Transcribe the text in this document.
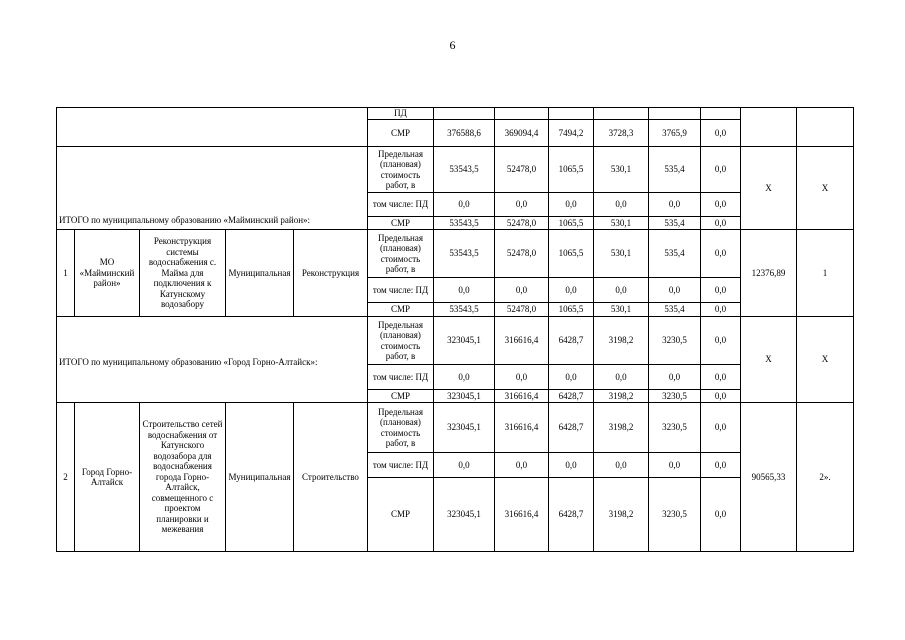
6
					ПД								
					СМР	376588,6	369094,4	7494,2	3728,3	3765,9	0,0		
ИТОГО по муниципальному образованию «Майминский район»:					Предельная (плановая) стоимость работ, в	53543,5	52478,0	1065,5	530,1	535,4	0,0	Х	Х
					том числе: ПД	0,0	0,0	0,0	0,0	0,0	0,0		
					СМР	53543,5	52478,0	1065,5	530,1	535,4	0,0		
1	МО «Майминский район»	Реконструкция системы водоснабжения с. Майма для подключения к Катунскому водозабору	Муниципальная	Реконструкция	Предельная (плановая) стоимость работ, в	53543,5	52478,0	1065,5	530,1	535,4	0,0	12376,89	1
					том числе: ПД	0,0	0,0	0,0	0,0	0,0	0,0		
					СМР	53543,5	52478,0	1065,5	530,1	535,4	0,0		
ИТОГО по муниципальному образованию «Город Горно-Алтайск»:					Предельная (плановая) стоимость работ, в	323045,1	316616,4	6428,7	3198,2	3230,5	0,0	Х	Х
					том числе: ПД	0,0	0,0	0,0	0,0	0,0	0,0		
					СМР	323045,1	316616,4	6428,7	3198,2	3230,5	0,0		
2	Город Горно-Алтайск	Строительство сетей водоснабжения от Катунского водозабора для водоснабжения города Горно-Алтайск, совмещенного с проектом планировки и межевания	Муниципальная	Строительство	Предельная (плановая) стоимость работ, в	323045,1	316616,4	6428,7	3198,2	3230,5	0,0	90565,33	2».
					том числе: ПД	0,0	0,0	0,0	0,0	0,0	0,0		
					СМР	323045,1	316616,4	6428,7	3198,2	3230,5	0,0		
